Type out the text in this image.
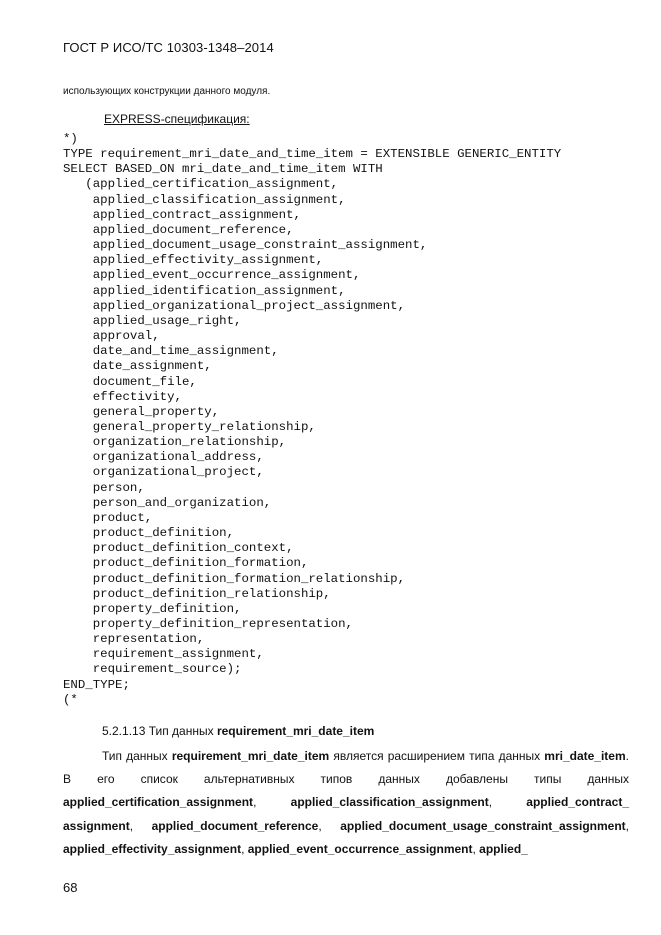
ГОСТ Р ИСО/ТС 10303-1348–2014
использующих конструкции данного модуля.
EXPRESS-спецификация:
*)
TYPE requirement_mri_date_and_time_item = EXTENSIBLE GENERIC_ENTITY
SELECT BASED_ON mri_date_and_time_item WITH
(applied_certification_assignment,
applied_classification_assignment,
applied_contract_assignment,
applied_document_reference,
applied_document_usage_constraint_assignment,
applied_effectivity_assignment,
applied_event_occurrence_assignment,
applied_identification_assignment,
applied_organizational_project_assignment,
applied_usage_right,
approval,
date_and_time_assignment,
date_assignment,
document_file,
effectivity,
general_property,
general_property_relationship,
organization_relationship,
organizational_address,
organizational_project,
person,
person_and_organization,
product,
product_definition,
product_definition_context,
product_definition_formation,
product_definition_formation_relationship,
product_definition_relationship,
property_definition,
property_definition_representation,
representation,
requirement_assignment,
requirement_source);
END_TYPE;
(*

5.2.1.13 Тип данных requirement_mri_date_item
Тип данных requirement_mri_date_item является расширением типа данных mri_date_item. В его список альтернативных типов данных добавлены типы данных applied_certification_assignment, applied_classification_assignment, applied_contract_ assignment, applied_document_reference, applied_document_usage_constraint_assignment, applied_effectivity_assignment, applied_event_occurrence_assignment, applied_
68
